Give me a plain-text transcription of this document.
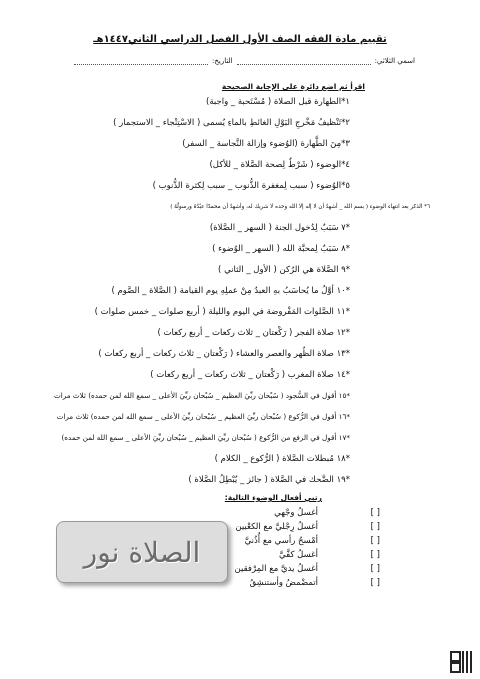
تقييم مادة الفقه الصف الأول الفصل الدراسي الثاني١٤٤٧هـ
اسمي الثلاثي:
التاريخ:
اقرأ ثم اضع دائرة على الإجابة الصحيحة
١*الطهارة قبل الصلاة ( مُسْتَحبة _ واجبة)
٢*تَنْظيفُ مَخْرجِ البَوْلِ الغائطِ بالماءِ يُسمى ( الاسْتِنْجاء _ الاستجمار )
٣*مِنَ الطَّهارة (الوُضوء وإزالة النَّجاسة _ السفر)
٤*الوضوء ( شَرْطٌ لِصحة الصَّلاة _ للأكل)
٥*الوُضوء ( سبب لِمغفرة الذُّنوب _ سبب لِكثرة الذُّنوب )
٦* الذكر بعد انتهاء الوضوء ( بسم الله _ أشهدُ أن لا إله إلا الله وحده لا شريك له، وأشهدُ أن محمدًا عبْدُهُ ورسولُهُ )
*٧ سَبَبٌ لِدُخول الجنة ( السهر _ الصَّلاة)
*٨ سَبَبٌ لِمحبَّة الله ( السهر _ الوُضوء )
*٩ الصَّلاة هي الرُكن ( الأول _ الثاني )
*١٠ أوَّلُ ما يُحاسَبُ بهِ العبدُ مِنْ عملِهِ يوم القيامة ( الصَّلاة _ الصَّوم )
*١١ الصَّلوات المَفْروضة في اليوم والليلة ( أربع صلوات _ خمس صلوات )
*١٢ صلاة الفجر ( رَكْعتان _ ثلاث ركعات _ أربع ركعات )
*١٣ صلاة الظُهر والعصر والعشاء ( رَكْعتان _ ثلاث ركعات _ أربع ركعات )
*١٤ صلاة المغرب ( رَكْعتان _ ثلاث ركعات _ أربع ركعات )
*١٥ أقول في السُّجود ( سُبْحان ربِّيَ العظيم _ سُبْحان ربِّيَ الأعلى _ سمع الله لمن حمده) ثلاث مرات
*١٦ أقول في الرُّكوع ( سُبْحان ربِّيَ العظيم _ سُبْحان ربِّيَ الأعلى _ سمع الله لمن حمده) ثلاث مرات
*١٧ أقول في الرفع من الرُّكوع ( سُبْحان ربِّيَ العظيم _ سُبْحان ربِّيَ الأعلى _ سمع الله لمن حمده)
*١٨ مُبطلات الصَّلاة ( الرُّكوع _ الكلام )
*١٩ الضَّحك في الصَّلاة ( جائز _ يُبْطِلُ الصَّلاة )
رتبي أفعال الوضوء التالية:
[ ]
أغسلُ وجْهي
[ ]
أغسلُ رِجْليَّ مع الكعْبين
[ ]
أمْسحُ رأسي مع أُذُنيَّ
[ ]
أغسلُ كفَّيَّ
[ ]
أغسلُ يديَّ مع المِرْفقين
[ ]
أتمضْمضُ وأستنشِقُ
الصلاة نور
